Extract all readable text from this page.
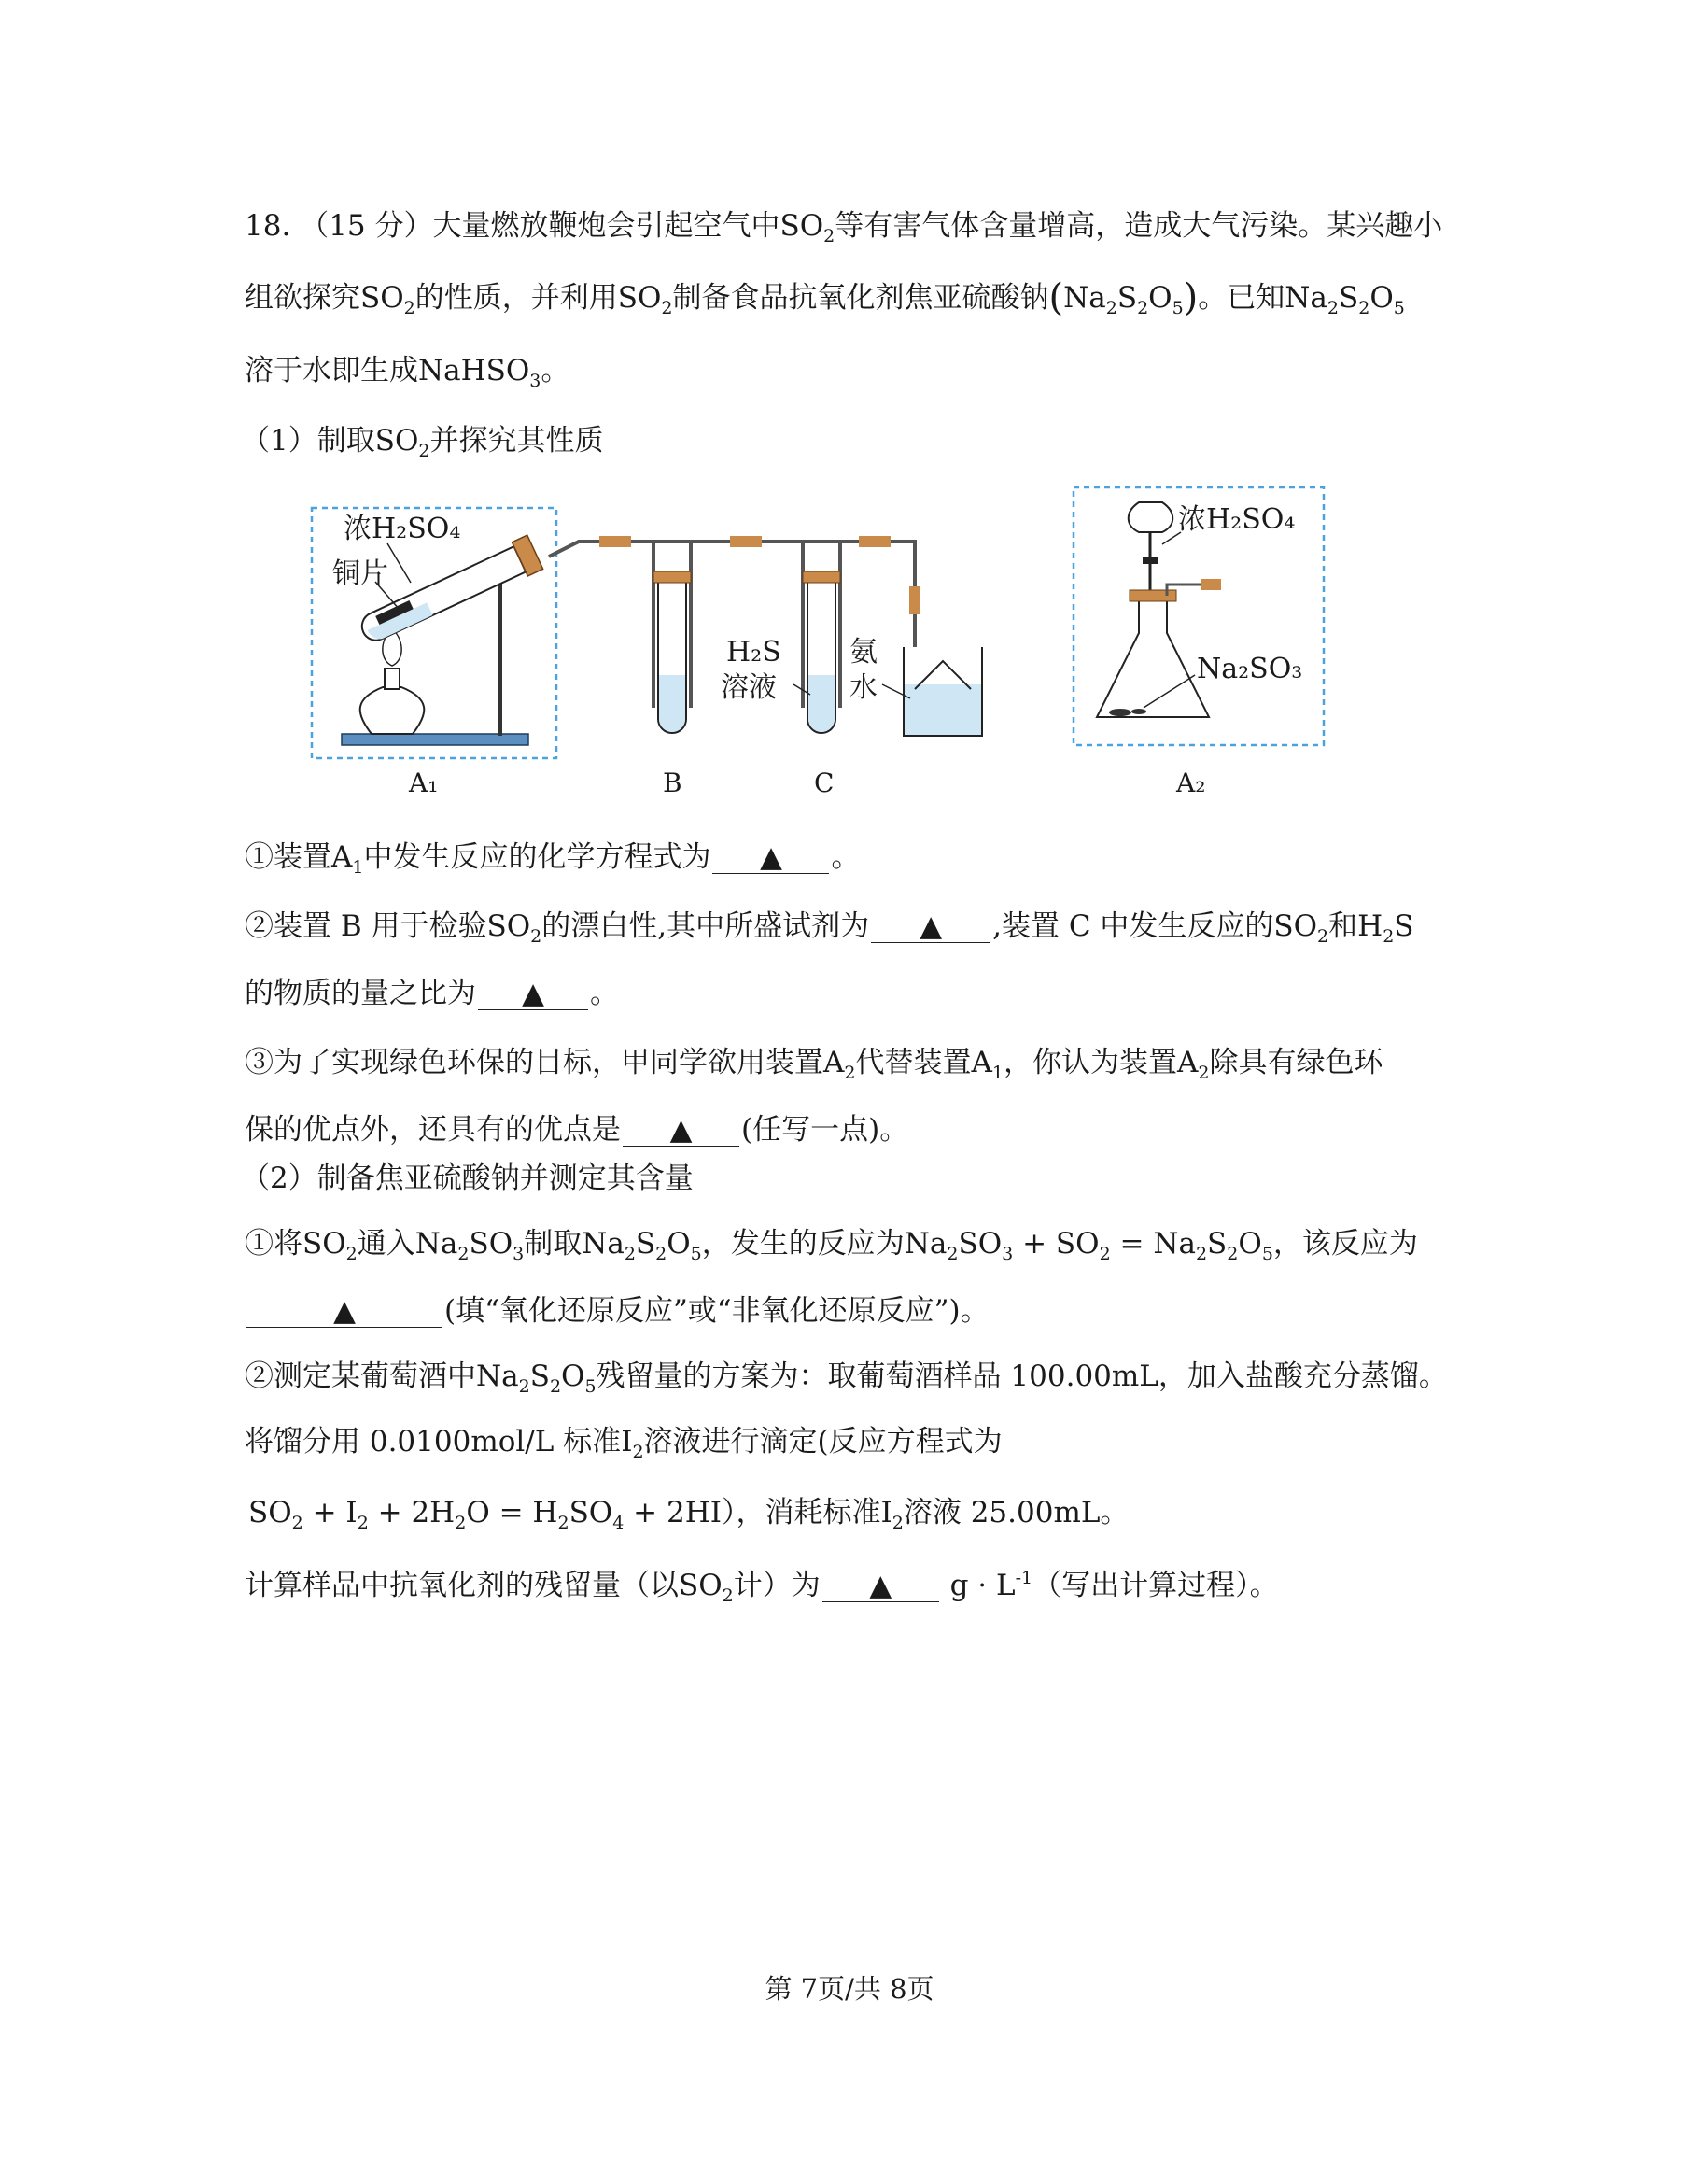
18. （15 分）大量燃放鞭炮会引起空气中$SO_2$等有害气体含量增高，造成大气污染。某兴趣小
组欲探究$SO_2$的性质，并利用$SO_2$制备食品抗氧化剂焦亚硫酸钠$(Na_2S_2O_5)$。已知$Na_2S_2O_5$
溶于水即生成NaHSO$_3$。
（1）制取$SO_2$并探究其性质
浓H₂SO₄
铜片
H₂S
溶液
氨
水
浓H₂SO₄
Na₂SO₃
A₁	B	C	A₂
①装置$A_1$中发生反应的化学方程式为 ▲ 。
②装置 B 用于检验$SO_2$的漂白性,其中所盛试剂为 ▲ ,装置 C 中发生反应的$SO_2$和$H_2S$
的物质的量之比为 ▲ 。
③为了实现绿色环保的目标，甲同学欲用装置$A_2$代替装置$A_1$，你认为装置$A_2$除具有绿色环
保的优点外，还具有的优点是 ▲ (任写一点)。
（2）制备焦亚硫酸钠并测定其含量
①将$SO_2$通入$Na_2SO_3$制取$Na_2S_2O_5$，发生的反应为$Na_2SO_3 + SO_2 = Na_2S_2O_5$，该反应为
▲	(填“氧化还原反应”或“非氧化还原反应”)。
②测定某葡萄酒中$Na_2S_2O_5$残留量的方案为：取葡萄酒样品 100.00mL，加入盐酸充分蒸馏。
将馏分用 0.0100mol/L 标准$I_2$溶液进行滴定(反应方程式为
$SO_2 + I_2 + 2H_2O = H_2SO_4 + 2HI$），消耗标准$I_2$溶液 25.00mL。
计算样品中抗氧化剂的残留量（以$SO_2$计）为 ▲ $g \cdot L^{-1}$（写出计算过程）。
第 7页/共 8页
